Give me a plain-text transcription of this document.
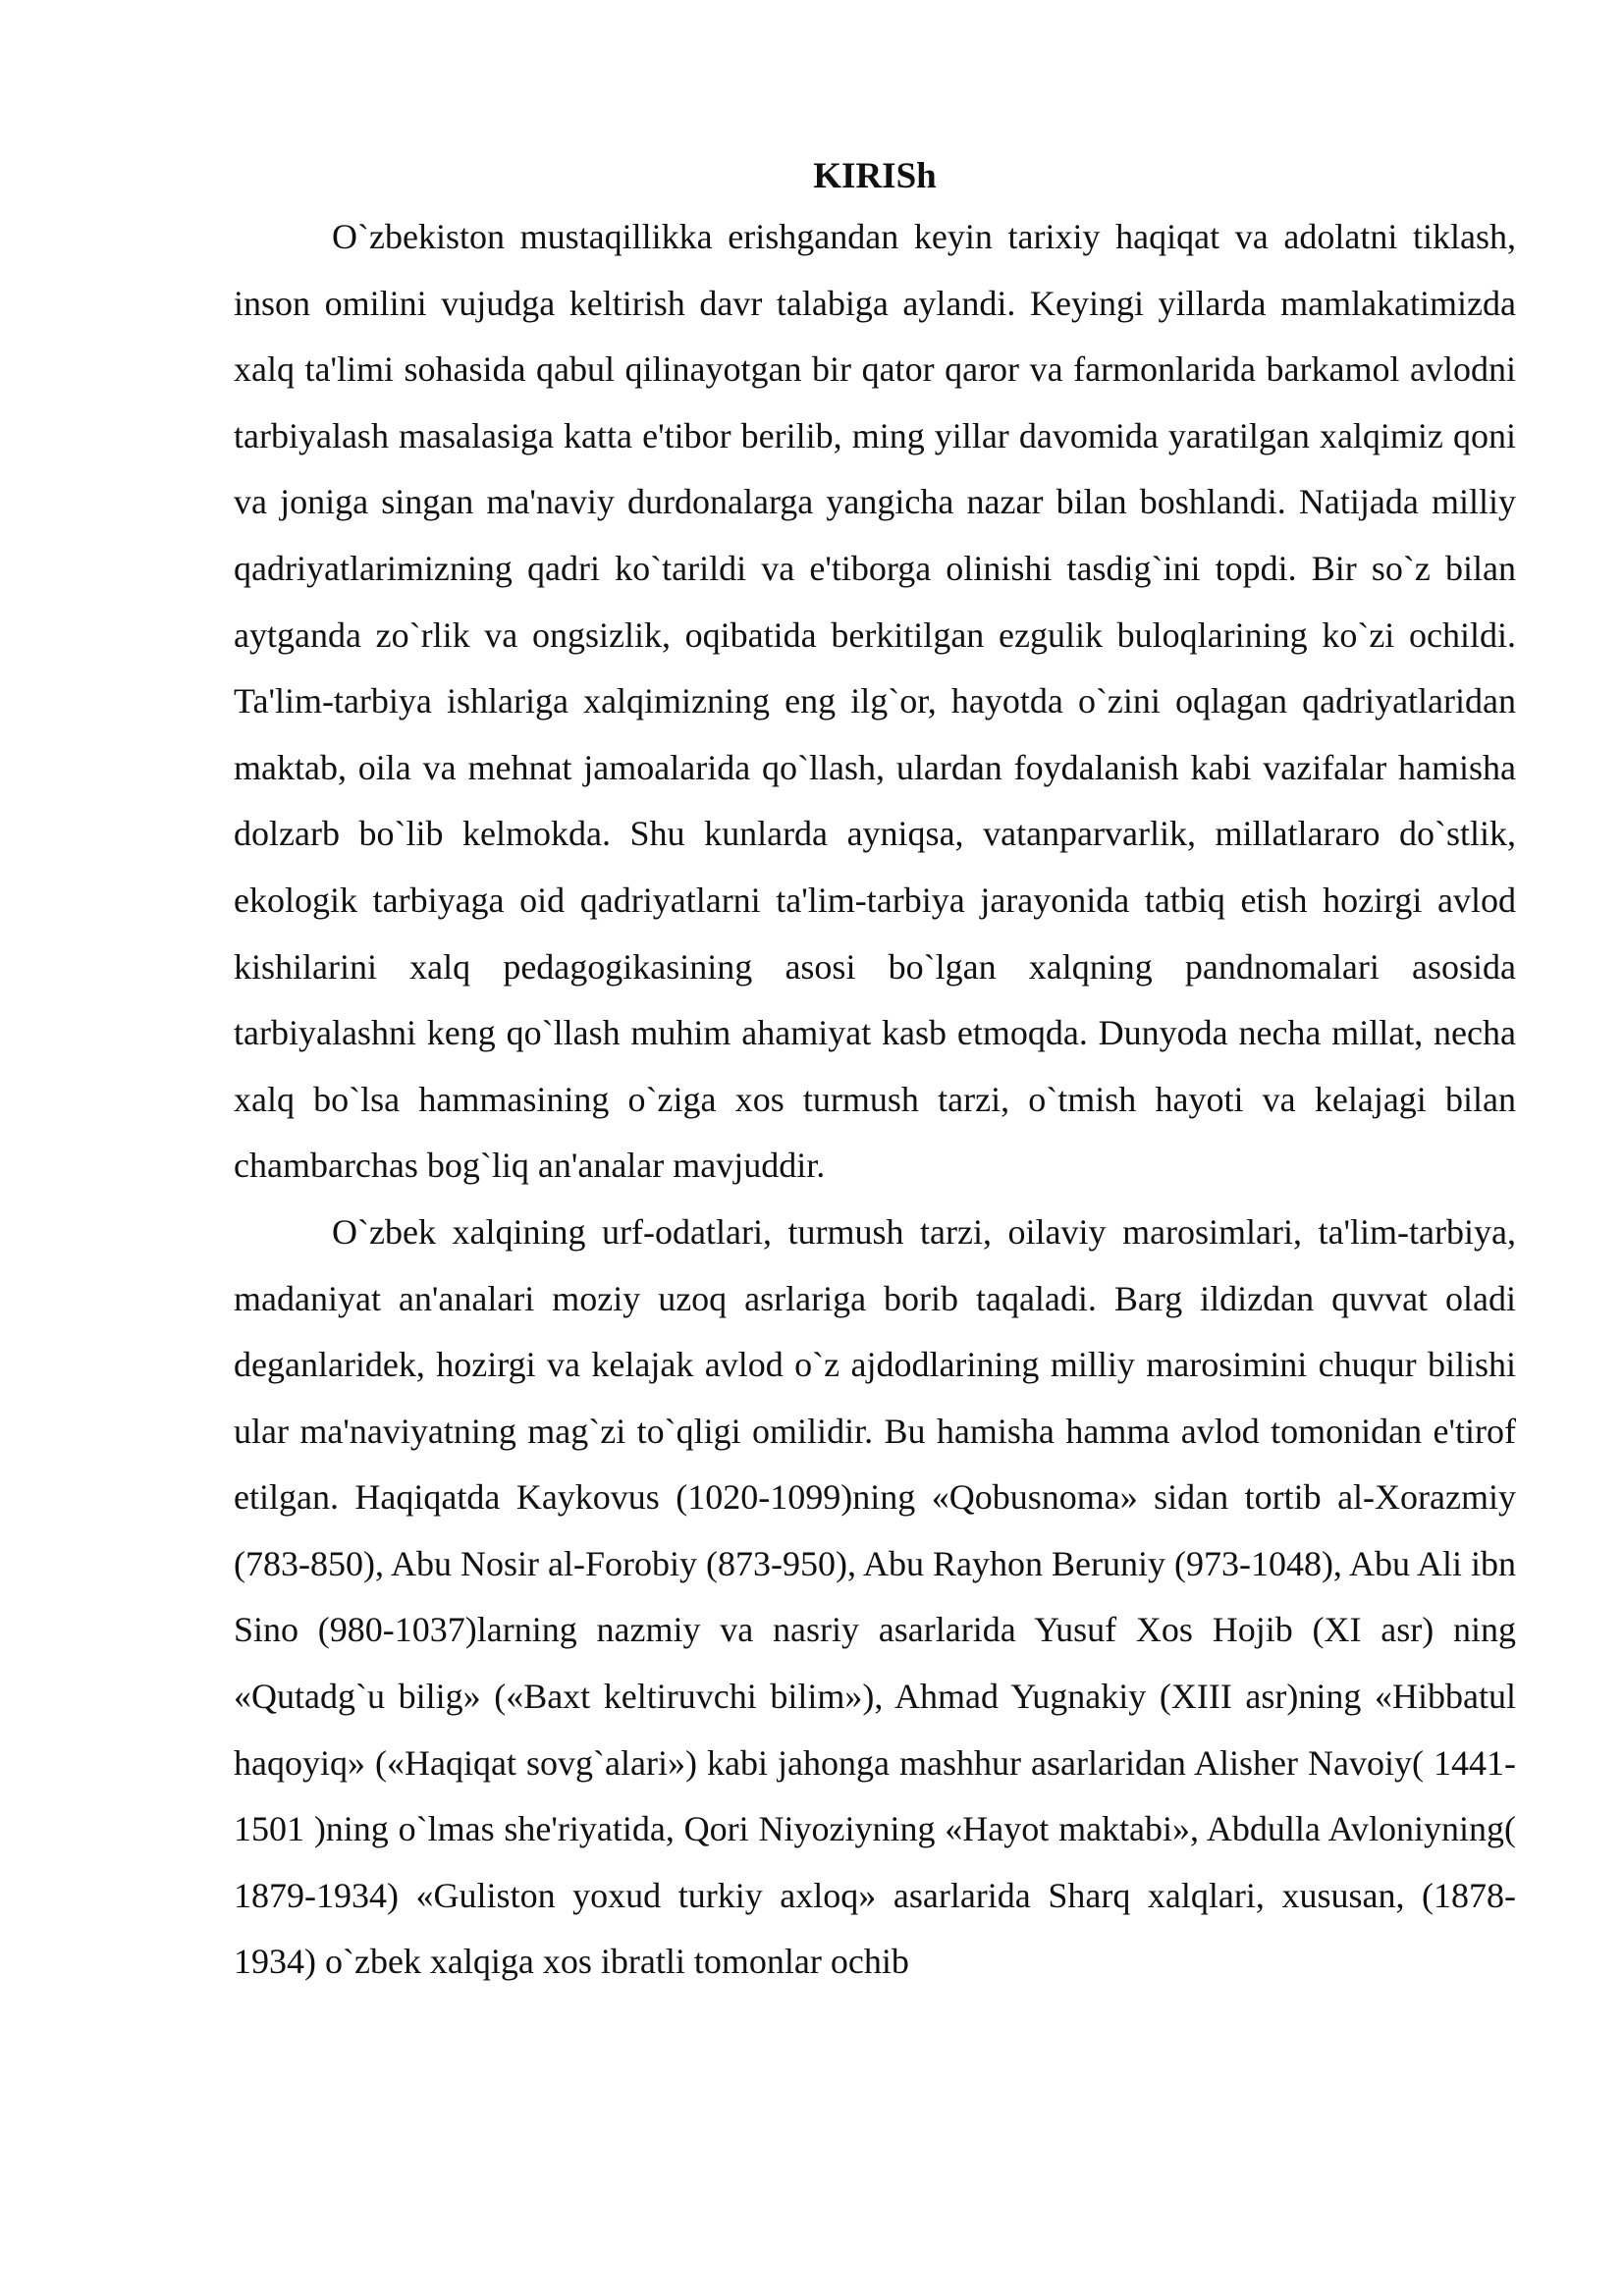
KIRISh

O`zbekiston mustaqillikka erishgandan keyin tarixiy haqiqat va adolatni tiklash, inson omilini vujudga keltirish davr talabiga aylandi. Keyingi yillarda mamlakatimizda xalq ta'limi sohasida qabul qilinayotgan bir qator qaror va farmonlarida barkamol avlodni tarbiyalash masalasiga katta e'tibor berilib, ming yillar davomida yaratilgan xalqimiz qoni va joniga singan ma'naviy durdonalarga yangicha nazar bilan boshlandi. Natijada milliy qadriyatlarimizning qadri ko`tarildi va e'tiborga olinishi tasdig`ini topdi. Bir so`z bilan aytganda zo`rlik va ongsizlik, oqibatida berkitilgan ezgulik buloqlarining ko`zi ochildi. Ta'lim-tarbiya ishlariga xalqimizning eng ilg`or, hayotda o`zini oqlagan qadriyatlaridan maktab, oila va mehnat jamoalarida qo`llash, ulardan foydalanish kabi vazifalar hamisha dolzarb bo`lib kelmokda. Shu kunlarda ayniqsa, vatanparvarlik, millatlararo do`stlik, ekologik tarbiyaga oid qadriyatlarni ta'lim-tarbiya jarayonida tatbiq etish hozirgi avlod kishilarini xalq pedagogikasining asosi bo`lgan xalqning pandnomalari asosida tarbiyalashni keng qo`llash muhim ahamiyat kasb etmoqda. Dunyoda necha millat, necha xalq bo`lsa hammasining o`ziga xos turmush tarzi, o`tmish hayoti va kelajagi bilan chambarchas bog`liq an'analar mavjuddir.

O`zbek xalqining urf-odatlari, turmush tarzi, oilaviy marosimlari, ta'lim-tarbiya, madaniyat an'analari moziy uzoq asrlariga borib taqaladi. Barg ildizdan quvvat oladi deganlaridek, hozirgi va kelajak avlod o`z ajdodlarining milliy marosimini chuqur bilishi ular ma'naviyatning mag`zi to`qligi omilidir. Bu hamisha hamma avlod tomonidan e'tirof etilgan. Haqiqatda Kaykovus (1020-1099)ning «Qobusnoma» sidan tortib al-Xorazmiy (783-850), Abu Nosir al-Forobiy (873-950), Abu Rayhon Beruniy (973-1048), Abu Ali ibn Sino (980-1037)larning nazmiy va nasriy asarlarida Yusuf Xos Hojib (XI asr) ning «Qutadg`u bilig» («Baxt keltiruvchi bilim»), Ahmad Yugnakiy (XIII asr)ning «Hibbatul haqoyiq» («Haqiqat sovg`alari») kabi jahonga mashhur asarlaridan Alisher Navoiy( 1441-1501 )ning o`lmas she'riyatida, Qori Niyoziyning «Hayot maktabi», Abdulla Avloniyning( 1879-1934) «Guliston yoxud turkiy axloq» asarlarida Sharq xalqlari, xususan, (1878-1934) o`zbek xalqiga xos ibratli tomonlar ochib
